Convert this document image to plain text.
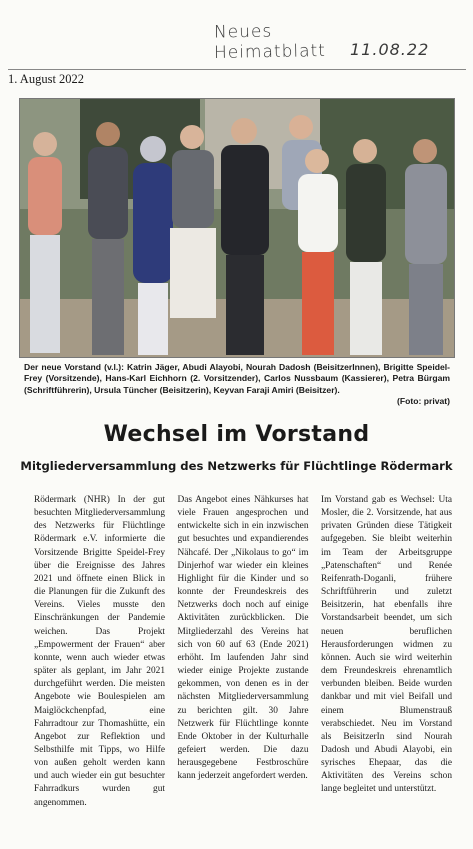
Neues
Heimatblatt 11.08.22
1. August 2022
Der neue Vorstand (v.l.): Katrin Jäger, Abudi Alayobi, Nourah Dadosh (BeisitzerInnen), Brigitte Speidel-Frey (Vorsitzende), Hans-Karl Eichhorn (2. Vorsitzender), Carlos Nussbaum (Kassierer), Petra Bürgam (Schriftführerin), Ursula Tüncher (Beisitzerin), Keyvan Faraji Amiri (Beisitzer).
(Foto: privat)
Wechsel im Vorstand
Mitgliederversammlung des Netzwerks für Flüchtlinge Rödermark

Rödermark (NHR) In der gut besuchten Mitgliederversammlung des Netzwerks für Flüchtlinge Rödermark e.V. informierte die Vorsitzende Brigitte Speidel-Frey über die Ereignisse des Jahres 2021 und öffnete einen Blick in die Planungen für die Zukunft des Vereins. Vieles musste den Einschränkungen der Pandemie weichen. Das Projekt „Empowerment der Frauen“ aber konnte, wenn auch wieder etwas später als geplant, im Jahr 2021 durchgeführt werden. Die meisten Angebote wie Boulespielen am Maiglöckchenpfad, eine Fahrradtour zur Thomashütte, ein Angebot zur Reflektion und Selbsthilfe mit Tipps, wo Hilfe von außen geholt werden kann und auch wieder ein gut besuchter Fahrradkurs wurden gut angenommen.

Das Angebot eines Nähkurses hat viele Frauen angesprochen und entwickelte sich in ein inzwischen gut besuchtes und expandierendes Nähcafé. Der „Nikolaus to go“ im Dinjerhof war wieder ein kleines Highlight für die Kinder und so konnte der Freundeskreis des Netzwerks doch noch auf einige Aktivitäten zurückblicken. Die Mitgliederzahl des Vereins hat sich von 60 auf 63 (Ende 2021) erhöht. Im laufenden Jahr sind wieder einige Projekte zustande gekommen, von denen es in der nächsten Mitgliederversammlung zu berichten gilt. 30 Jahre Netzwerk für Flüchtlinge konnte Ende Oktober in der Kulturhalle gefeiert werden. Die dazu herausgegebene Festbroschüre kann jederzeit angefordert werden.

Im Vorstand gab es Wechsel: Uta Mosler, die 2. Vorsitzende, hat aus privaten Gründen diese Tätigkeit aufgegeben. Sie bleibt weiterhin im Team der Arbeitsgruppe „Patenschaften“ und Renée Reifenrath-Doganli, frühere Schriftführerin und zuletzt Beisitzerin, hat ebenfalls ihre Vorstandsarbeit beendet, um sich neuen beruflichen Herausforderungen widmen zu können. Auch sie wird weiterhin dem Freundeskreis ehrenamtlich verbunden bleiben. Beide wurden dankbar und mit viel Beifall und einem Blumenstrauß verabschiedet. Neu im Vorstand als BeisitzerIn sind Nourah Dadosh und Abudi Alayobi, ein syrisches Ehepaar, das die Aktivitäten des Vereins schon lange begleitet und unterstützt.
